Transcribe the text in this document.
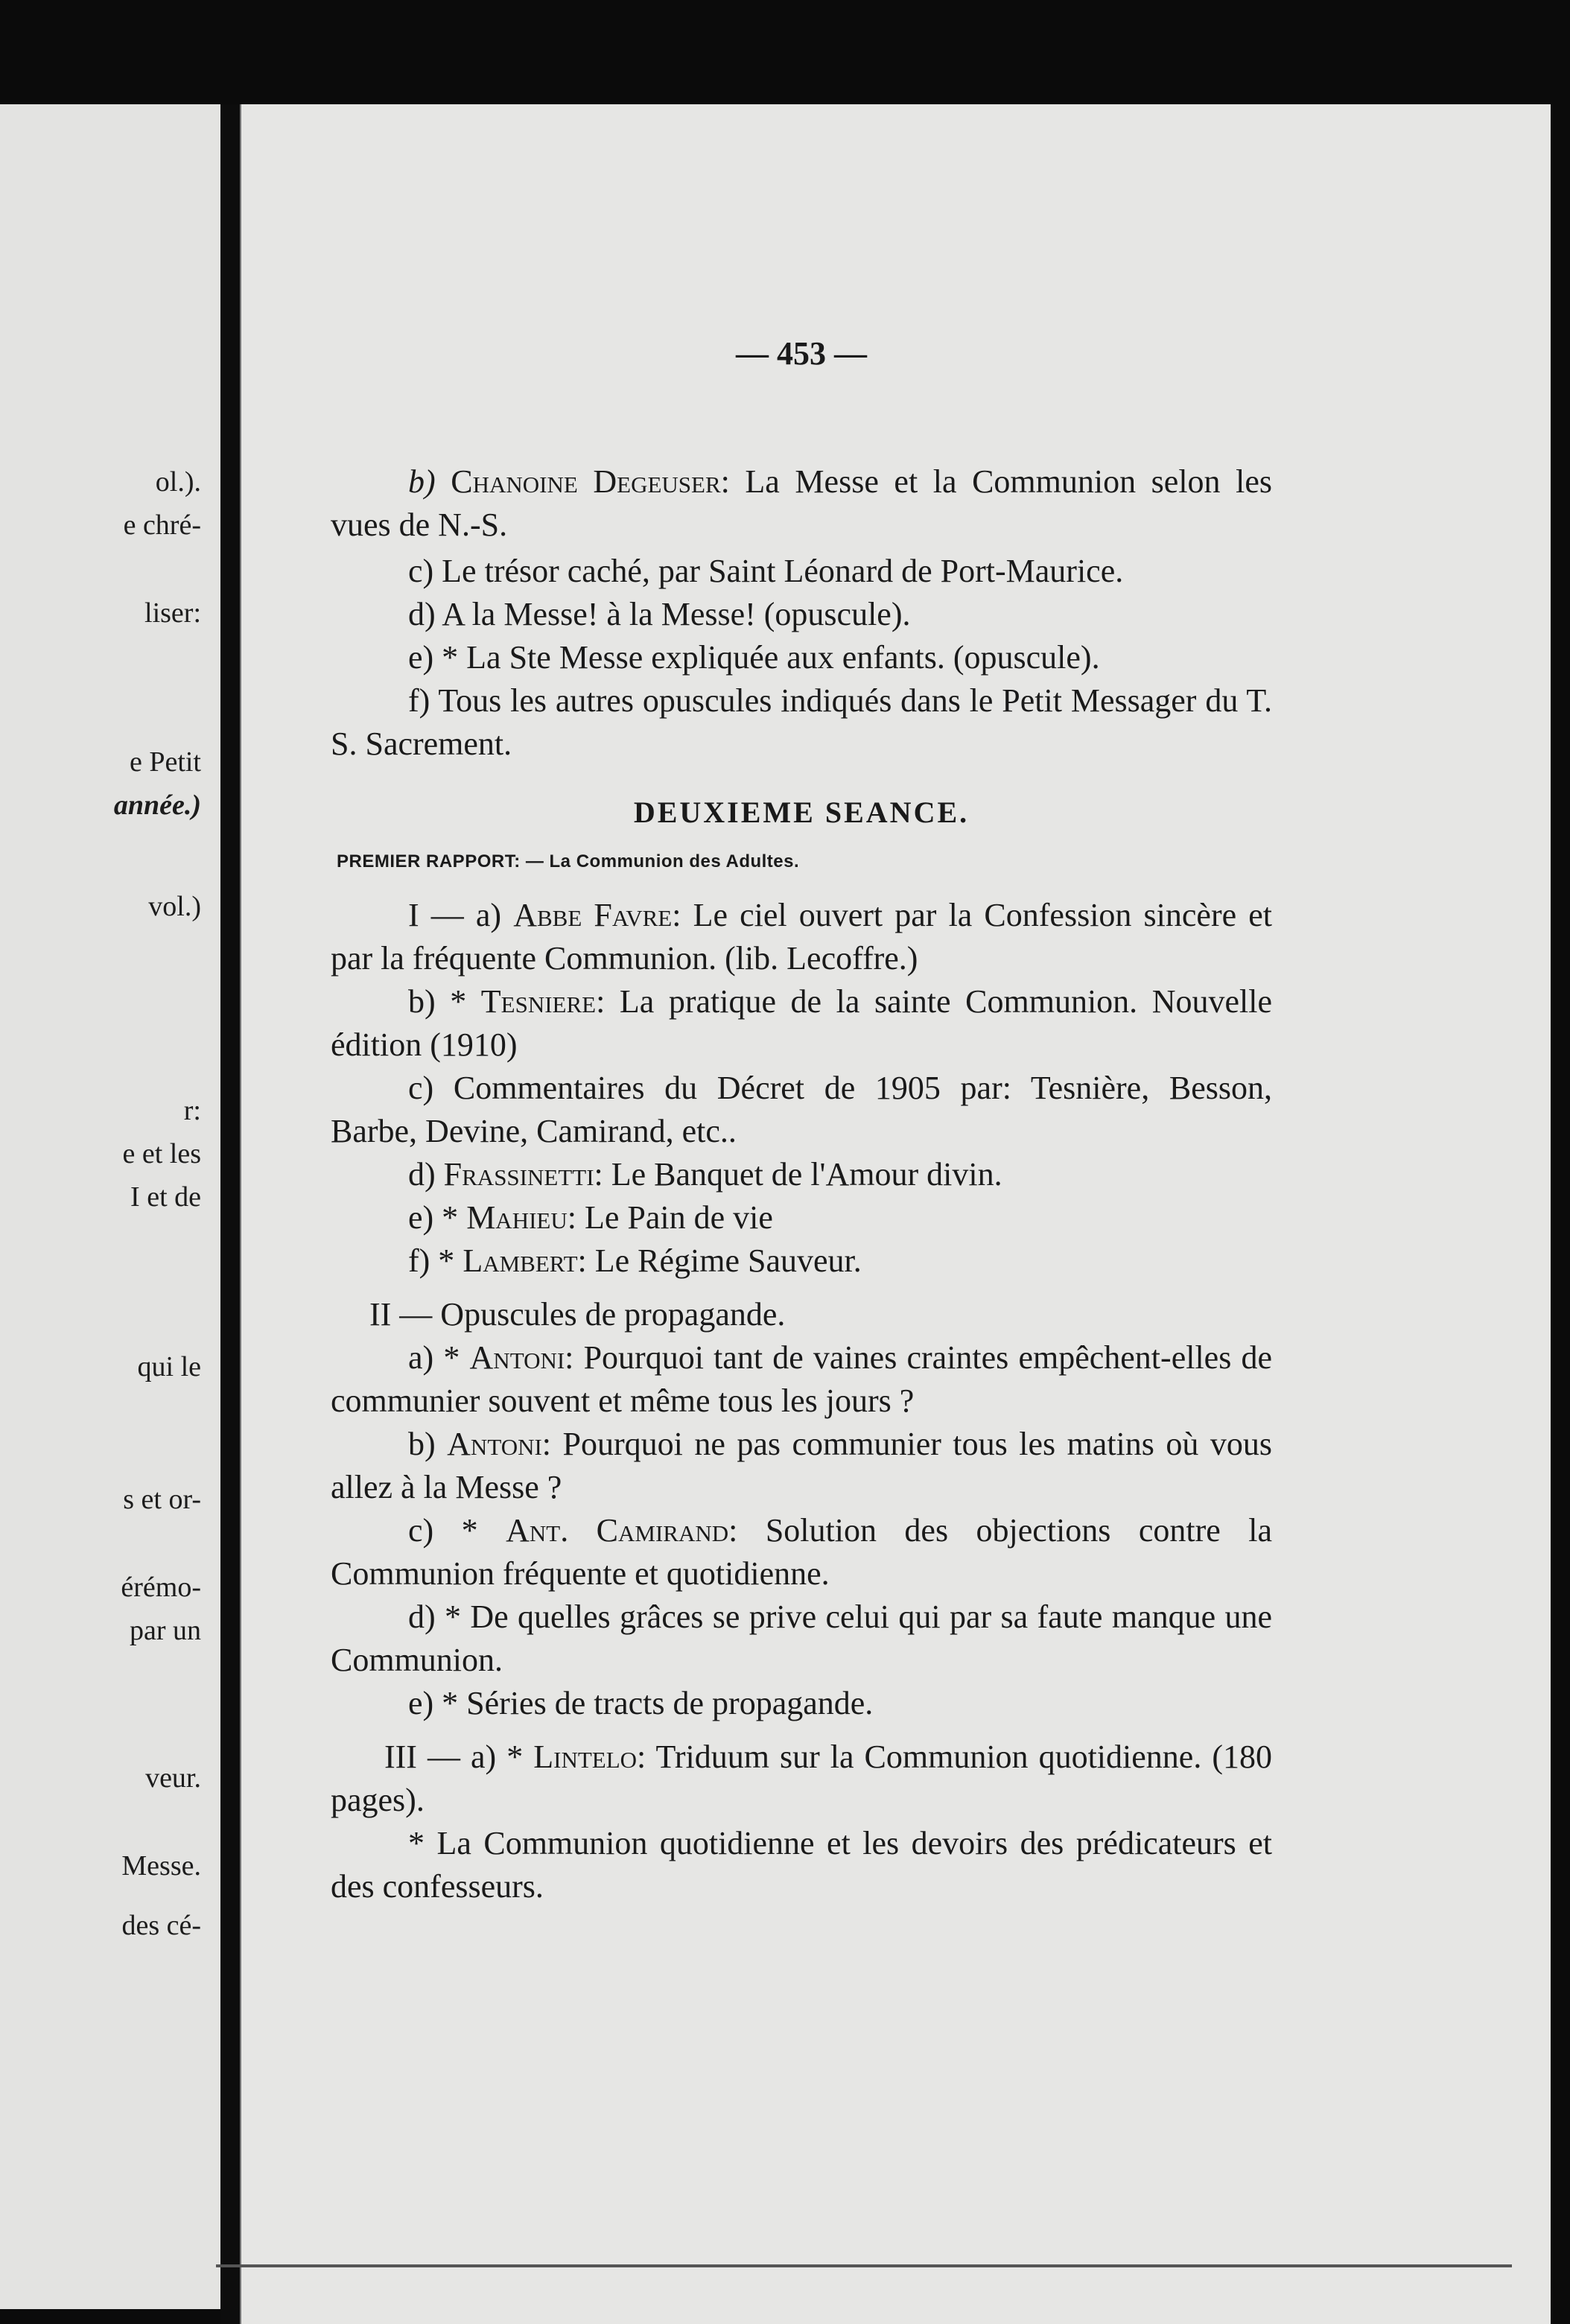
ol.).
e chré-
liser:
e Petit
année.)
vol.)
r:
e et les
I et de
qui le
s et or-
érémo-
par un
veur.
Messe.
des cé-
— 453 —

b) Chanoine Degeuser: La Messe et la Communion selon les vues de N.-S.

c) Le trésor caché, par Saint Léonard de Port-Maurice.

d) A la Messe! à la Messe! (opuscule).

e) * La Ste Messe expliquée aux enfants. (opuscule).

f) Tous les autres opuscules indiqués dans le Petit Messager du T. S. Sacrement.

DEUXIEME SEANCE.
PREMIER RAPPORT: — La Communion des Adultes.

I — a) Abbe Favre: Le ciel ouvert par la Confession sincère et par la fréquente Communion. (lib. Lecoffre.)

b) * Tesniere: La pratique de la sainte Communion. Nouvelle édition (1910)

c) Commentaires du Décret de 1905 par: Tesnière, Besson, Barbe, Devine, Camirand, etc..

d) Frassinetti: Le Banquet de l'Amour divin.

e) * Mahieu: Le Pain de vie

f) * Lambert: Le Régime Sauveur.

II — Opuscules de propagande.

a) * Antoni: Pourquoi tant de vaines craintes empêchent-elles de communier souvent et même tous les jours ?

b) Antoni: Pourquoi ne pas communier tous les matins où vous allez à la Messe ?

c) * Ant. Camirand: Solution des objections contre la Communion fréquente et quotidienne.

d) * De quelles grâces se prive celui qui par sa faute manque une Communion.

e) * Séries de tracts de propagande.

III — a) * Lintelo: Triduum sur la Communion quotidienne. (180 pages).

* La Communion quotidienne et les devoirs des prédicateurs et des confesseurs.
